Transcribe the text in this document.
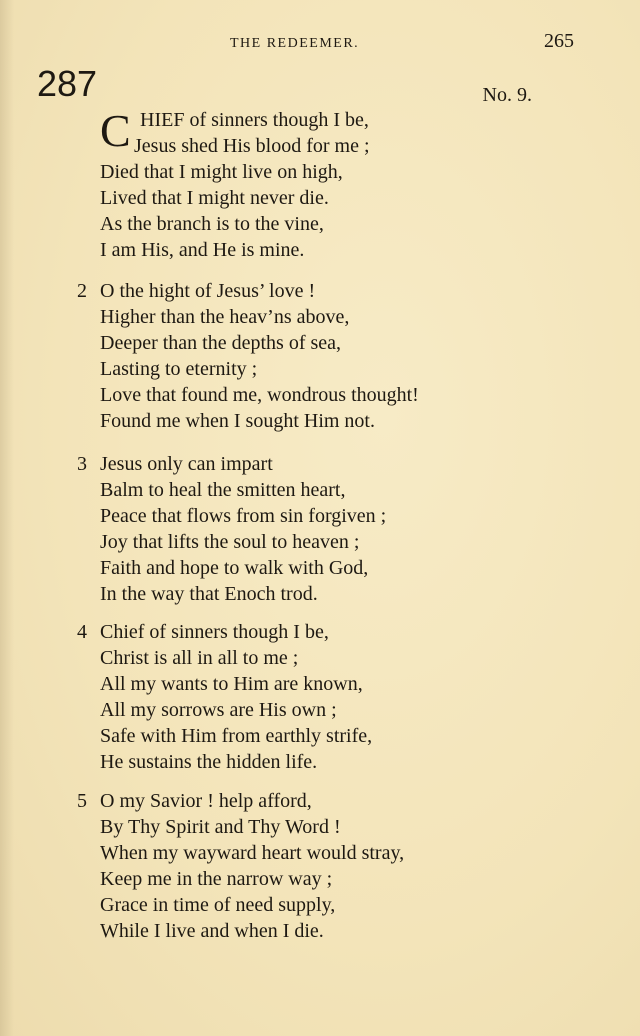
THE REDEEMER.	265
287	No. 9.
C HIEF of sinners though I be,
Jesus shed His blood for me ;
Died that I might live on high,
Lived that I might never die.
As the branch is to the vine,
I am His, and He is mine.
2 O the hight of Jesus’ love !
Higher than the heav’ns above,
Deeper than the depths of sea,
Lasting to eternity ;
Love that found me, wondrous thought!
Found me when I sought Him not.
3 Jesus only can impart
Balm to heal the smitten heart,
Peace that flows from sin forgiven ;
Joy that lifts the soul to heaven ;
Faith and hope to walk with God,
In the way that Enoch trod.
4 Chief of sinners though I be,
Christ is all in all to me ;
All my wants to Him are known,
All my sorrows are His own ;
Safe with Him from earthly strife,
He sustains the hidden life.
5 O my Savior ! help afford,
By Thy Spirit and Thy Word !
When my wayward heart would stray,
Keep me in the narrow way ;
Grace in time of need supply,
While I live and when I die.
